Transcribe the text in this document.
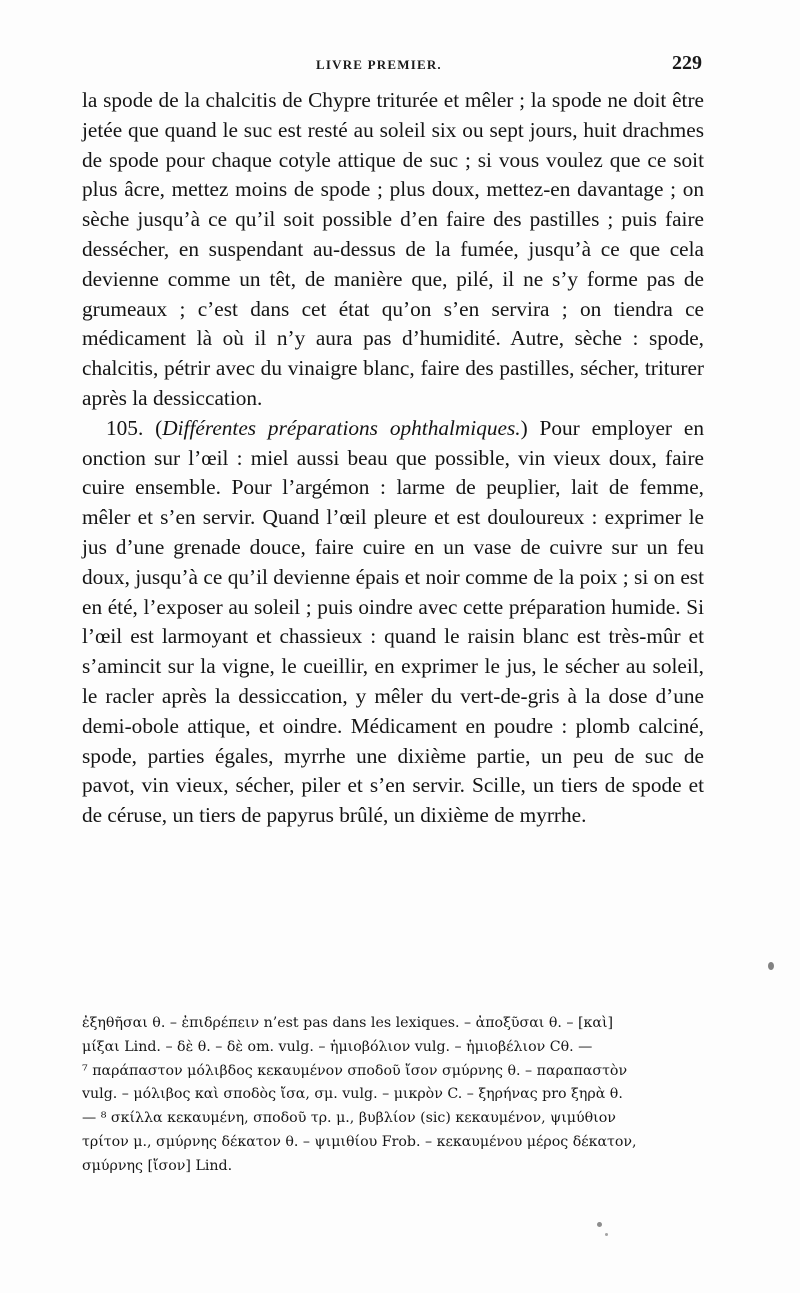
LIVRE PREMIER.	229

la spode de la chalcitis de Chypre triturée et mêler ; la spode ne doit être jetée que quand le suc est resté au soleil six ou sept jours, huit drachmes de spode pour chaque cotyle attique de suc ; si vous voulez que ce soit plus âcre, mettez moins de spode ; plus doux, mettez-en davantage ; on sèche jusqu’à ce qu’il soit possible d’en faire des pastilles ; puis faire dessécher, en suspendant au-dessus de la fumée, jusqu’à ce que cela devienne comme un têt, de manière que, pilé, il ne s’y forme pas de grumeaux ; c’est dans cet état qu’on s’en servira ; on tiendra ce médicament là où il n’y aura pas d’humidité. Autre, sèche : spode, chalcitis, pétrir avec du vinaigre blanc, faire des pastilles, sécher, triturer après la dessiccation.

105. (Différentes préparations ophthalmiques.) Pour employer en onction sur l’œil : miel aussi beau que possible, vin vieux doux, faire cuire ensemble. Pour l’argémon : larme de peuplier, lait de femme, mêler et s’en servir. Quand l’œil pleure et est douloureux : exprimer le jus d’une grenade douce, faire cuire en un vase de cuivre sur un feu doux, jusqu’à ce qu’il devienne épais et noir comme de la poix ; si on est en été, l’exposer au soleil ; puis oindre avec cette préparation humide. Si l’œil est larmoyant et chassieux : quand le raisin blanc est très-mûr et s’amincit sur la vigne, le cueillir, en exprimer le jus, le sécher au soleil, le racler après la dessiccation, y mêler du vert-de-gris à la dose d’une demi-obole attique, et oindre. Médicament en poudre : plomb calciné, spode, parties égales, myrrhe une dixième partie, un peu de suc de pavot, vin vieux, sécher, piler et s’en servir. Scille, un tiers de spode et de céruse, un tiers de papyrus brûlé, un dixième de myrrhe.

ἐξηθῆσαι θ. – ἐπιδρέπειν n’est pas dans les lexiques. – ἀποξῦσαι θ. – [καὶ]
μίξαι Lind. – δὲ θ. – δὲ om. vulg. – ἡμιοβόλιον vulg. – ἡμιοβέλιον Cθ. —
⁷ παράπαστον μόλιβδος κεκαυμένον σποδοῦ ἴσον σμύρνης θ. – παραπαστὸν
vulg. – μόλιβος καὶ σποδὸς ἴσα, σμ. vulg. – μικρὸν C. – ξηρήνας pro ξηρὰ θ.
— ⁸ σκίλλα κεκαυμένη, σποδοῦ τρ. μ., βυβλίον (sic) κεκαυμένον, ψιμύθιον
τρίτον μ., σμύρνης δέκατον θ. – ψιμιθίου Frob. – κεκαυμένου μέρος δέκατον,
σμύρνης [ἴσον] Lind.
